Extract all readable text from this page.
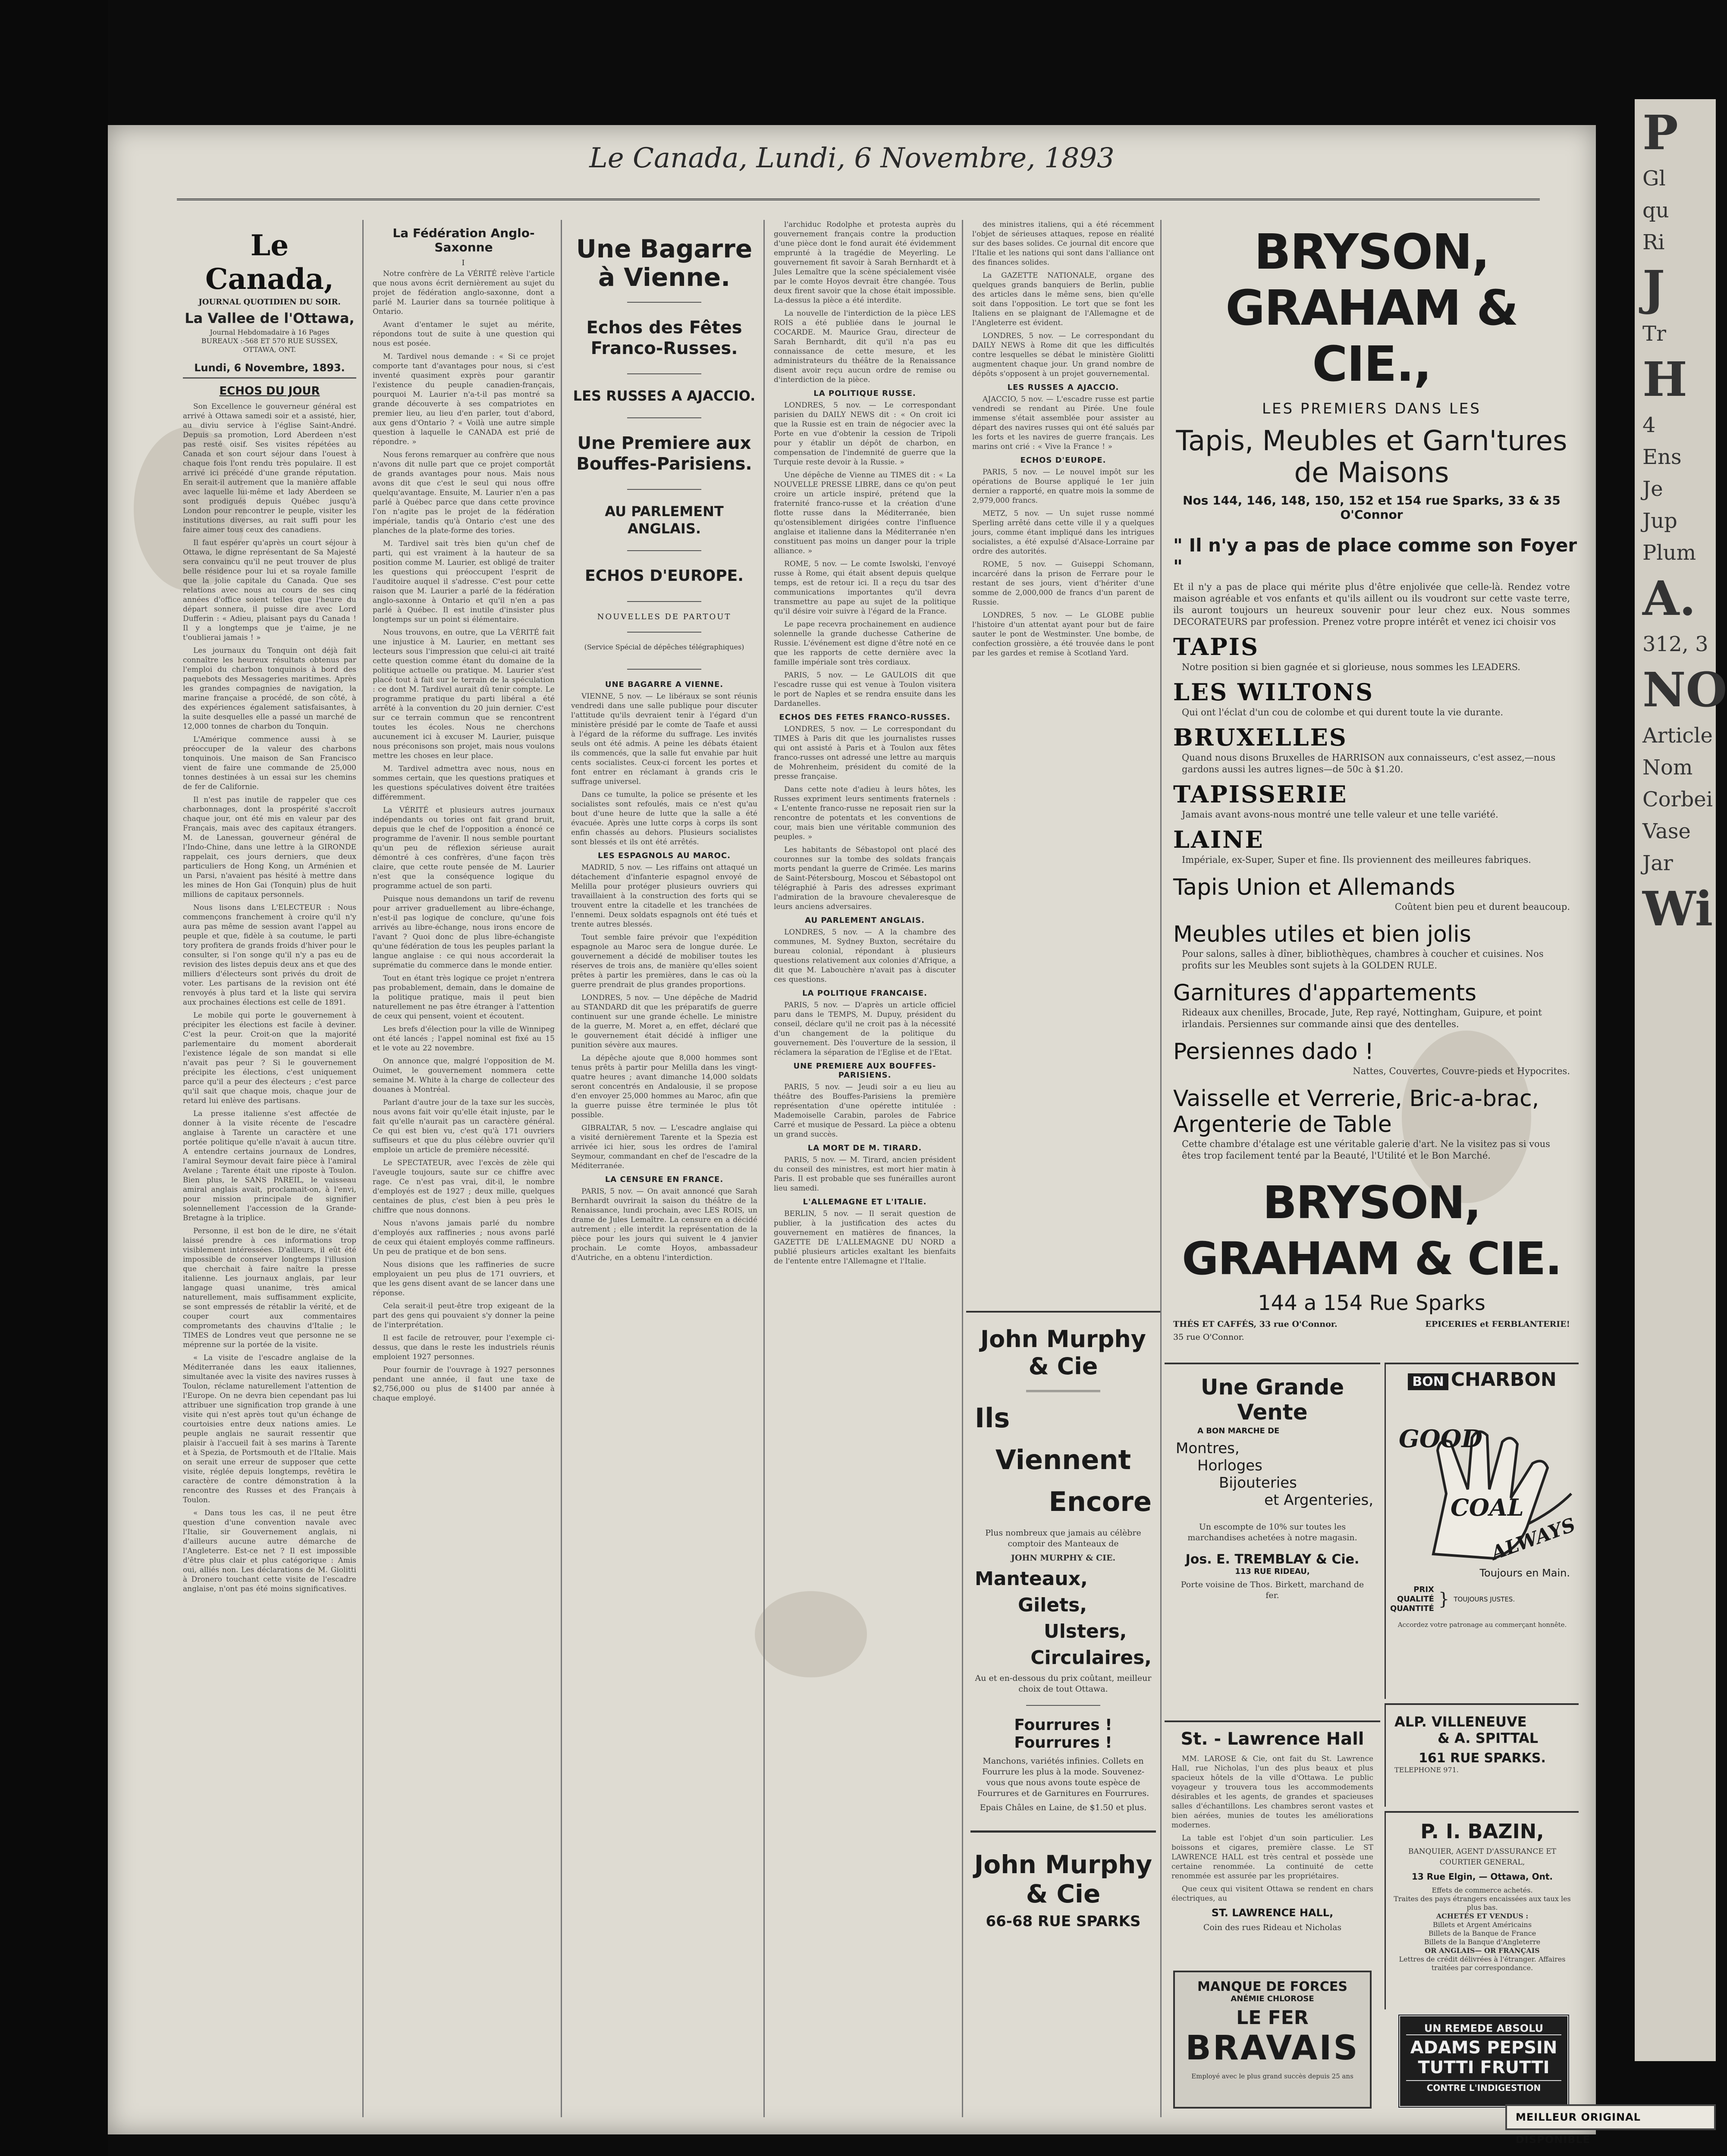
Le Canada, Lundi, 6 Novembre, 1893
Le Canada,
JOURNAL QUOTIDIEN DU SOIR.
La Vallee de l'Ottawa,
Journal Hebdomadaire à 16 Pages
BUREAUX :-568 ET 570 RUE SUSSEX,
OTTAWA, ONT.
Lundi, 6 Novembre, 1893.
ECHOS DU JOUR

Son Excellence le gouverneur général est arrivé à Ottawa samedi soir et a assisté, hier, au diviu service à l'église Saint-André. Depuis sa promotion, Lord Aberdeen n'est pas resté oisif. Ses visites répétées au Canada et son court séjour dans l'ouest à chaque fois l'ont rendu très populaire. Il est arrivé ici précédé d'une grande réputation. En serait-il autrement que la manière affable avec laquelle lui-même et lady Aberdeen se sont prodigués depuis Québec jusqu'à London pour rencontrer le peuple, visiter les institutions diverses, au rait suffi pour les faire aimer tous ceux des canadiens.

Il faut espérer qu'après un court séjour à Ottawa, le digne représentant de Sa Majesté sera convaincu qu'il ne peut trouver de plus belle résidence pour lui et sa royale famille que la jolie capitale du Canada. Que ses relations avec nous au cours de ses cinq années d'office soient telles que l'heure du départ sonnera, il puisse dire avec Lord Dufferin : « Adieu, plaisant pays du Canada ! Il y a longtemps que je t'aime, je ne t'oublierai jamais ! »

Les journaux du Tonquin ont déjà fait connaître les heureux résultats obtenus par l'emploi du charbon tonquinois à bord des paquebots des Messageries maritimes. Après les grandes compagnies de navigation, la marine française a procédé, de son côté, à des expériences également satisfaisantes, à la suite desquelles elle a passé un marché de 12,000 tonnes de charbon du Tonquin.

L'Amérique commence aussi à se préoccuper de la valeur des charbons tonquinois. Une maison de San Francisco vient de faire une commande de 25,000 tonnes destinées à un essai sur les chemins de fer de Californie.

Il n'est pas inutile de rappeler que ces charbonnages, dont la prospérité s'accroît chaque jour, ont été mis en valeur par des Français, mais avec des capitaux étrangers. M. de Lanessan, gouverneur général de l'Indo-Chine, dans une lettre à la GIRONDE rappelait, ces jours derniers, que deux particuliers de Hong Kong, un Arménien et un Parsi, n'avaient pas hésité à mettre dans les mines de Hon Gai (Tonquin) plus de huit millions de capitaux personnels.

Nous lisons dans L'ELECTEUR : Nous commençons franchement à croire qu'il n'y aura pas même de session avant l'appel au peuple et que, fidèle à sa coutume, le parti tory profitera de grands froids d'hiver pour le consulter, si l'on songe qu'il n'y a pas eu de revision des listes depuis deux ans et que des milliers d'électeurs sont privés du droit de voter. Les partisans de la revision ont été renvoyés à plus tard et la liste qui servira aux prochaines élections est celle de 1891.

Le mobile qui porte le gouvernement à précipiter les élections est facile à deviner. C'est la peur. Croit-on que la majorité parlementaire du moment aborderait l'existence légale de son mandat si elle n'avait pas peur ? Si le gouvernement précipite les élections, c'est uniquement parce qu'il a peur des électeurs ; c'est parce qu'il sait que chaque mois, chaque jour de retard lui enlève des partisans.

La presse italienne s'est affectée de donner à la visite récente de l'escadre anglaise à Tarente un caractère et une portée politique qu'elle n'avait à aucun titre. A entendre certains journaux de Londres, l'amiral Seymour devait faire pièce à l'amiral Avelane ; Tarente était une riposte à Toulon. Bien plus, le SANS PAREIL, le vaisseau amiral anglais avait, proclamait-on, à l'envi, pour mission principale de signifier solennellement l'accession de la Grande-Bretagne à la triplice.

Personne, il est bon de le dire, ne s'était laissé prendre à ces informations trop visiblement intéressées. D'ailleurs, il eût été impossible de conserver longtemps l'illusion que cherchait à faire naître la presse italienne. Les journaux anglais, par leur langage quasi unanime, très amical naturellement, mais suffisamment explicite, se sont empressés de rétablir la vérité, et de couper court aux commentaires comprometants des chauvins d'Italie ; le TIMES de Londres veut que personne ne se méprenne sur la portée de la visite.

« La visite de l'escadre anglaise de la Méditerranée dans les eaux italiennes, simultanée avec la visite des navires russes à Toulon, réclame naturellement l'attention de l'Europe. On ne devra bien cependant pas lui attribuer une signification trop grande à une visite qui n'est après tout qu'un échange de courtoisies entre deux nations amies. Le peuple anglais ne saurait ressentir que plaisir à l'accueil fait à ses marins à Tarente et à Spezia, de Portsmouth et de l'Italie. Mais on serait une erreur de supposer que cette visite, réglée depuis longtemps, revêtira le caractère de contre démonstration à la rencontre des Russes et des Français à Toulon.

« Dans tous les cas, il ne peut être question d'une convention navale avec l'Italie, sir Gouvernement anglais, ni d'ailleurs aucune autre démarche de l'Angleterre. Est-ce net ? Il est impossible d'être plus clair et plus catégorique : Amis oui, alliés non. Les déclarations de M. Giolitti à Dronero touchant cette visite de l'escadre anglaise, n'ont pas été moins significatives.

La Fédération Anglo-Saxonne
I

Notre confrère de La VÉRITÉ relève l'article que nous avons écrit dernièrement au sujet du projet de fédération anglo-saxonne, dont a parlé M. Laurier dans sa tournée politique à Ontario.

Avant d'entamer le sujet au mérite, répondons tout de suite à une question qui nous est posée.

M. Tardivel nous demande : « Si ce projet comporte tant d'avantages pour nous, si c'est inventé quasiment exprès pour garantir l'existence du peuple canadien-français, pourquoi M. Laurier n'a-t-il pas montré sa grande découverte à ses compatriotes en premier lieu, au lieu d'en parler, tout d'abord, aux gens d'Ontario ? « Voilà une autre simple question à laquelle le CANADA est prié de répondre. »

Nous ferons remarquer au confrère que nous n'avons dit nulle part que ce projet comportât de grands avantages pour nous. Mais nous avons dit que c'est le seul qui nous offre quelqu'avantage. Ensuite, M. Laurier n'en a pas parlé à Québec parce que dans cette province l'on n'agite pas le projet de la fédération impériale, tandis qu'à Ontario c'est une des planches de la plate-forme des tories.

M. Tardivel sait très bien qu'un chef de parti, qui est vraiment à la hauteur de sa position comme M. Laurier, est obligé de traiter les questions qui préoccupent l'esprit de l'auditoire auquel il s'adresse. C'est pour cette raison que M. Laurier a parlé de la fédération anglo-saxonne à Ontario et qu'il n'en a pas parlé à Québec. Il est inutile d'insister plus longtemps sur un point si élémentaire.

Nous trouvons, en outre, que La VÉRITÉ fait une injustice à M. Laurier, en mettant ses lecteurs sous l'impression que celui-ci ait traité cette question comme étant du domaine de la politique actuelle ou pratique. M. Laurier s'est placé tout à fait sur le terrain de la spéculation : ce dont M. Tardivel aurait dû tenir compte. Le programme pratique du parti libéral a été arrêté à la convention du 20 juin dernier. C'est sur ce terrain commun que se rencontrent toutes les écoles. Nous ne cherchons aucunement ici à excuser M. Laurier, puisque nous préconisons son projet, mais nous voulons mettre les choses en leur place.

M. Tardivel admettra avec nous, nous en sommes certain, que les questions pratiques et les questions spéculatives doivent être traitées différemment.

La VÉRITÉ et plusieurs autres journaux indépendants ou tories ont fait grand bruit, depuis que le chef de l'opposition a énoncé ce programme de l'avenir. Il nous semble pourtant qu'un peu de réflexion sérieuse aurait démontré à ces confrères, d'une façon très claire, que cette route pensée de M. Laurier n'est que la conséquence logique du programme actuel de son parti.

Puisque nous demandons un tarif de revenu pour arriver graduellement au libre-échange, n'est-il pas logique de conclure, qu'une fois arrivés au libre-échange, nous irons encore de l'avant ? Quoi donc de plus libre-échangiste qu'une fédération de tous les peuples parlant la langue anglaise : ce qui nous accorderait la suprématie du commerce dans le monde entier.

Tout en étant très logique ce projet n'entrera pas probablement, demain, dans le domaine de la politique pratique, mais il peut bien naturellement ne pas être étranger à l'attention de ceux qui pensent, voient et écoutent.

Les brefs d'élection pour la ville de Winnipeg ont été lancés ; l'appel nominal est fixé au 15 et le vote au 22 novembre.

On annonce que, malgré l'opposition de M. Ouimet, le gouvernement nommera cette semaine M. White à la charge de collecteur des douanes à Montréal.

Parlant d'autre jour de la taxe sur les succès, nous avons fait voir qu'elle était injuste, par le fait qu'elle n'aurait pas un caractère général. Ce qui est bien vu, c'est qu'à 171 ouvriers suffiseurs et que du plus célèbre ouvrier qu'il emploie un article de première nécessité.

Le SPECTATEUR, avec l'excès de zèle qui l'aveugle toujours, saute sur ce chiffre avec rage. Ce n'est pas vrai, dit-il, le nombre d'employés est de 1927 ; deux mille, quelques centaines de plus, c'est bien à peu près le chiffre que nous donnons.

Nous n'avons jamais parlé du nombre d'employés aux raffineries ; nous avons parlé de ceux qui étaient employés comme raffineurs. Un peu de pratique et de bon sens.

Nous disions que les raffineries de sucre employaient un peu plus de 171 ouvriers, et que les gens disent avant de se lancer dans une réponse.

Cela serait-il peut-être trop exigeant de la part des gens qui pouvaient s'y donner la peine de l'interprétation.

Il est facile de retrouver, pour l'exemple ci-dessus, que dans le reste les industriels réunis emploient 1927 personnes.

Pour fournir de l'ouvrage à 1927 personnes pendant une année, il faut une taxe de $2,756,000 ou plus de $1400 par année à chaque employé.

Une Bagarre à Vienne.
Echos des Fêtes Franco-Russes.
LES RUSSES A AJACCIO.
Une Premiere aux Bouffes-Parisiens.
AU PARLEMENT ANGLAIS.
ECHOS D'EUROPE.
NOUVELLES DE PARTOUT
(Service Spécial de dépêches télégraphiques)
UNE BAGARRE A VIENNE.

VIENNE, 5 nov. — Le libéraux se sont réunis vendredi dans une salle publique pour discuter l'attitude qu'ils devraient tenir à l'égard d'un ministère présidé par le comte de Taafe et aussi à l'égard de la réforme du suffrage. Les invités seuls ont été admis. A peine les débats étaient ils commencés, que la salle fut envahie par huit cents socialistes. Ceux-ci forcent les portes et font entrer en réclamant à grands cris le suffrage universel.

Dans ce tumulte, la police se présente et les socialistes sont refoulés, mais ce n'est qu'au bout d'une heure de lutte que la salle a été évacuée. Après une lutte corps à corps ils sont enfin chassés au dehors. Plusieurs socialistes sont blessés et ils ont été arrêtés.

LES ESPAGNOLS AU MAROC.

MADRID, 5 nov. — Les riffains ont attaqué un détachement d'infanterie espagnol envoyé de Melilla pour protéger plusieurs ouvriers qui travaillaient à la construction des forts qui se trouvent entre la citadelle et les tranchées de l'ennemi. Deux soldats espagnols ont été tués et trente autres blessés.

Tout semble faire prévoir que l'expédition espagnole au Maroc sera de longue durée. Le gouvernement a décidé de mobiliser toutes les réserves de trois ans, de manière qu'elles soient prêtes à partir les premières, dans le cas où la guerre prendrait de plus grandes proportions.

LONDRES, 5 nov. — Une dépêche de Madrid au STANDARD dit que les préparatifs de guerre continuent sur une grande échelle. Le ministre de la guerre, M. Moret a, en effet, déclaré que le gouvernement était décidé à infliger une punition sévère aux maures.

La dépêche ajoute que 8,000 hommes sont tenus prêts à partir pour Melilla dans les vingt-quatre heures ; avant dimanche 14,000 soldats seront concentrés en Andalousie, il se propose d'en envoyer 25,000 hommes au Maroc, afin que la guerre puisse être terminée le plus tôt possible.

GIBRALTAR, 5 nov. — L'escadre anglaise qui a visité dernièrement Tarente et la Spezia est arrivée ici hier, sous les ordres de l'amiral Seymour, commandant en chef de l'escadre de la Méditerranée.

LA CENSURE EN FRANCE.

PARIS, 5 nov. — On avait annoncé que Sarah Bernhardt ouvrirait la saison du théâtre de la Renaissance, lundi prochain, avec LES ROIS, un drame de Jules Lemaître. La censure en a décidé autrement ; elle interdit la représentation de la pièce pour les jours qui suivent le 4 janvier prochain. Le comte Hoyos, ambassadeur d'Autriche, en a obtenu l'interdiction.

l'archiduc Rodolphe et protesta auprès du gouvernement français contre la production d'une pièce dont le fond aurait été évidemment emprunté à la tragédie de Meyerling. Le gouvernement fit savoir à Sarah Bernhardt et à Jules Lemaître que la scène spécialement visée par le comte Hoyos devrait être changée. Tous deux firent savoir que la chose était impossible. La-dessus la pièce a été interdite.

La nouvelle de l'interdiction de la pièce LES ROIS a été publiée dans le journal le COCARDE. M. Maurice Grau, directeur de Sarah Bernhardt, dit qu'il n'a pas eu connaissance de cette mesure, et les administrateurs du théâtre de la Renaissance disent avoir reçu aucun ordre de remise ou d'interdiction de la pièce.

LA POLITIQUE RUSSE.

LONDRES, 5 nov. — Le correspondant parisien du DAILY NEWS dit : « On croit ici que la Russie est en train de négocier avec la Porte en vue d'obtenir la cession de Tripoli pour y établir un dépôt de charbon, en compensation de l'indemnité de guerre que la Turquie reste devoir à la Russie. »

Une dépêche de Vienne au TIMES dit : « La NOUVELLE PRESSE LIBRE, dans ce qu'on peut croire un article inspiré, prétend que la fraternité franco-russe et la création d'une flotte russe dans la Méditerranée, bien qu'ostensiblement dirigées contre l'influence anglaise et italienne dans la Méditerranée n'en constituent pas moins un danger pour la triple alliance. »

ROME, 5 nov. — Le comte Iswolski, l'envoyé russe à Rome, qui était absent depuis quelque temps, est de retour ici. Il a reçu du tsar des communications importantes qu'il devra transmettre au pape au sujet de la politique qu'il désire voir suivre à l'égard de la France.

Le pape recevra prochainement en audience solennelle la grande duchesse Catherine de Russie. L'événement est digne d'être noté en ce que les rapports de cette dernière avec la famille impériale sont très cordiaux.

PARIS, 5 nov. — Le GAULOIS dit que l'escadre russe qui est venue à Toulon visitera le port de Naples et se rendra ensuite dans les Dardanelles.

ECHOS DES FETES FRANCO-RUSSES.

LONDRES, 5 nov. — Le correspondant du TIMES à Paris dit que les journalistes russes qui ont assisté à Paris et à Toulon aux fêtes franco-russes ont adressé une lettre au marquis de Mohrenheim, président du comité de la presse française.

Dans cette note d'adieu à leurs hôtes, les Russes expriment leurs sentiments fraternels : « L'entente franco-russe ne reposait rien sur la rencontre de potentats et les conventions de cour, mais bien une véritable communion des peuples. »

Les habitants de Sébastopol ont placé des couronnes sur la tombe des soldats français morts pendant la guerre de Crimée. Les marins de Saint-Pétersbourg, Moscou et Sébastopol ont télégraphié à Paris des adresses exprimant l'admiration de la bravoure chevaleresque de leurs anciens adversaires.

AU PARLEMENT ANGLAIS.

LONDRES, 5 nov. — A la chambre des communes, M. Sydney Buxton, secrétaire du bureau colonial, répondant à plusieurs questions relativement aux colonies d'Afrique, a dit que M. Labouchère n'avait pas à discuter ces questions.

LA POLITIQUE FRANCAISE.

PARIS, 5 nov. — D'après un article officiel paru dans le TEMPS, M. Dupuy, président du conseil, déclare qu'il ne croit pas à la nécessité d'un changement de la politique du gouvernement. Dès l'ouverture de la session, il réclamera la séparation de l'Eglise et de l'Etat.

UNE PREMIERE AUX BOUFFES-PARISIENS.

PARIS, 5 nov. — Jeudi soir a eu lieu au théâtre des Bouffes-Parisiens la première représentation d'une opérette intitulée : Mademoiselle Carabin, paroles de Fabrice Carré et musique de Pessard. La pièce a obtenu un grand succès.

LA MORT DE M. TIRARD.

PARIS, 5 nov. — M. Tirard, ancien président du conseil des ministres, est mort hier matin à Paris. Il est probable que ses funérailles auront lieu samedi.

L'ALLEMAGNE ET L'ITALIE.

BERLIN, 5 nov. — Il serait question de publier, à la justification des actes du gouvernement en matières de finances, la GAZETTE DE L'ALLEMAGNE DU NORD a publié plusieurs articles exaltant les bienfaits de l'entente entre l'Allemagne et l'Italie.

des ministres italiens, qui a été récemment l'objet de sérieuses attaques, repose en réalité sur des bases solides. Ce journal dit encore que l'Italie et les nations qui sont dans l'alliance ont des finances solides.

La GAZETTE NATIONALE, organe des quelques grands banquiers de Berlin, publie des articles dans le même sens, bien qu'elle soit dans l'opposition. Le tort que se font les Italiens en se plaignant de l'Allemagne et de l'Angleterre est évident.

LONDRES, 5 nov. — Le correspondant du DAILY NEWS à Rome dit que les difficultés contre lesquelles se débat le ministère Giolitti augmentent chaque jour. Un grand nombre de dépôts s'opposent à un projet gouvernemental.

LES RUSSES A AJACCIO.

AJACCIO, 5 nov. — L'escadre russe est partie vendredi se rendant au Pirée. Une foule immense s'était assemblée pour assister au départ des navires russes qui ont été salués par les forts et les navires de guerre français. Les marins ont crié : « Vive la France ! »

ECHOS D'EUROPE.

PARIS, 5 nov. — Le nouvel impôt sur les opérations de Bourse appliqué le 1er juin dernier a rapporté, en quatre mois la somme de 2,979,000 francs.

METZ, 5 nov. — Un sujet russe nommé Sperling arrêté dans cette ville il y a quelques jours, comme étant impliqué dans les intrigues socialistes, a été expulsé d'Alsace-Lorraine par ordre des autorités.

ROME, 5 nov. — Guiseppi Schomann, incarcéré dans la prison de Ferrare pour le restant de ses jours, vient d'hériter d'une somme de 2,000,000 de francs d'un parent de Russie.

LONDRES, 5 nov. — Le GLOBE publie l'histoire d'un attentat ayant pour but de faire sauter le pont de Westminster. Une bombe, de confection grossière, a été trouvée dans le pont par les gardes et remise à Scotland Yard.

John Murphy & Cie
Ils
Viennent
Encore
Plus nombreux que jamais au célèbre comptoir des Manteaux de
JOHN MURPHY & CIE.
Manteaux,
Gilets,
Ulsters,
Circulaires,
Au et en-dessous du prix coûtant, meilleur choix de tout Ottawa.
Fourrures ! Fourrures !
Manchons, variétés infinies. Collets en Fourrure les plus à la mode. Souvenez-vous que nous avons toute espèce de Fourrures et de Garnitures en Fourrures.
Epais Châles en Laine, de $1.50 et plus.
John Murphy & Cie
66-68 RUE SPARKS
BRYSON, GRAHAM & CIE.,
LES PREMIERS DANS LES
Tapis, Meubles et Garn'tures de Maisons
Nos 144, 146, 148, 150, 152 et 154 rue Sparks, 33 & 35 O'Connor
" Il n'y a pas de place comme son Foyer "

Et il n'y a pas de place qui mérite plus d'être enjolivée que celle-là. Rendez votre maison agréable et vos enfants et qu'ils aillent ou ils voudront sur cette vaste terre, ils auront toujours un heureux souvenir pour leur chez eux. Nous sommes DECORATEURS par profession. Prenez votre propre intérêt et venez ici choisir vos

TAPIS
Notre position si bien gagnée et si glorieuse, nous sommes les LEADERS.
LES WILTONS
Qui ont l'éclat d'un cou de colombe et qui durent toute la vie durante.
BRUXELLES
Quand nous disons Bruxelles de HARRISON aux connaisseurs, c'est assez,—nous gardons aussi les autres lignes—de 50c à $1.20.
TAPISSERIE
Jamais avant avons-nous montré une telle valeur et une telle variété.
LAINE
Impériale, ex-Super, Super et fine. Ils proviennent des meilleures fabriques.
Tapis Union et Allemands
Coûtent bien peu et durent beaucoup.
Meubles utiles et bien jolis
Pour salons, salles à dîner, bibliothèques, chambres à coucher et cuisines. Nos profits sur les Meubles sont sujets à la GOLDEN RULE.
Garnitures d'appartements
Rideaux aux chenilles, Brocade, Jute, Rep rayé, Nottingham, Guipure, et point irlandais. Persiennes sur commande ainsi que des dentelles.
Persiennes dado !
Nattes, Couvertes, Couvre-pieds et Hypocrites.
Vaisselle et Verrerie, Bric-a-brac, Argenterie de Table
Cette chambre d'étalage est une véritable galerie d'art. Ne la visitez pas si vous êtes trop facilement tenté par la Beauté, l'Utilité et le Bon Marché.
BRYSON, GRAHAM & CIE.
144 a 154 Rue Sparks
THÉS ET CAFFÉS, 33 rue O'Connor.	EPICERIES et FERBLANTERIE!
35 rue O'Connor.
Une Grande Vente
A BON MARCHE DE
Montres,
Horloges
Bijouteries
et Argenteries,
Un escompte de 10% sur toutes les marchandises achetées à notre magasin.
Jos. E. TREMBLAY & Cie.
113 RUE RIDEAU,
Porte voisine de Thos. Birkett, marchand de fer.
St. - Lawrence Hall

MM. LAROSE & Cie, ont fait du St. Lawrence Hall, rue Nicholas, l'un des plus beaux et plus spacieux hôtels de la ville d'Ottawa. Le public voyageur y trouvera tous les accommodements désirables et les agents, de grandes et spacieuses salles d'échantillons. Les chambres seront vastes et bien aérées, munies de toutes les améliorations modernes.

La table est l'objet d'un soin particulier. Les boissons et cigares, première classe. Le ST LAWRENCE HALL est très central et possède une certaine renommée. La continuité de cette renommée est assurée par les propriétaires.

Que ceux qui visitent Ottawa se rendent en chars électriques, au

ST. LAWRENCE HALL,
Coin des rues Rideau et Nicholas
MANQUE DE FORCES
ANÉMIE CHLOROSE
LE FER
BRAVAIS
Employé avec le plus grand succès depuis 25 ans
BON CHARBON
GOOD
COAL
ALWAYS
Toujours en Main.
PRIX
QUALITÉ
QUANTITÉ } TOUJOURS JUSTES.
Accordez votre patronage au commerçant honnête.
ALP. VILLENEUVE
& A. SPITTAL
161 RUE SPARKS.
TELEPHONE 971.
P. I. BAZIN,
BANQUIER, AGENT D'ASSURANCE ET COURTIER GENERAL,
13 Rue Elgin, — Ottawa, Ont.
Effets de commerce achetés.
Traites des pays étrangers encaissées aux taux les plus bas.
ACHETÉS ET VENDUS :
Billets et Argent Américains
Billets de la Banque de France
Billets de la Banque d'Angleterre
OR ANGLAIS— OR FRANÇAIS
Lettres de crédit délivrées à l'étranger. Affaires traitées par correspondance.
UN REMEDE ABSOLU
ADAMS PEPSIN
TUTTI FRUTTI
CONTRE L'INDIGESTION
P
Gl
qu
Ri
J
Tr
H
4
Ens
Je
Jup
Plum
A.
312, 3
NO
Article
Nom
Corbei
Vase
Jar
Wi
MEILLEUR ORIGINAL DISPONIBLE
